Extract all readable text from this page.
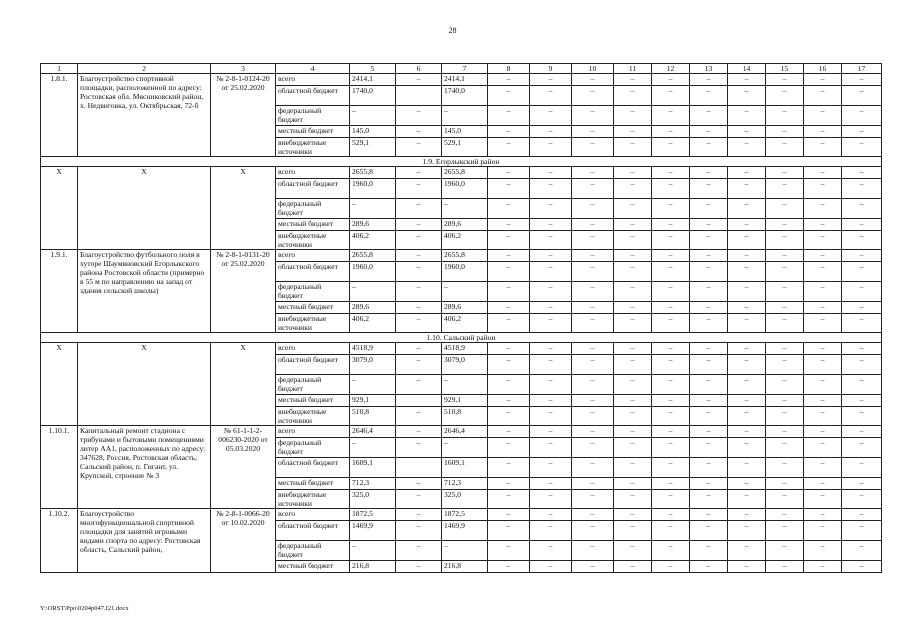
28
1	2	3	4	5	6	7	8	9	10	11	12	13	14	15	16	17
1.8.1.	Благоустройство спортивной площадки, расположенной по адресу: Ростовская обл. Мясниковский район, х. Недвиговка, ул. Октябрьская, 72-б	№ 2-8-1-0124-20 от 25.02.2020	всего	2414,1	–	2414,1	–	–	–	–	–	–	–	–	–	–
			областной бюджет	1740,0		1740,0	–	–	–	–	–	–	–	–	–	–
			федеральный бюджет	–	–	–	–	–	–	–	–	–	–	–	–	–
			местный бюджет	145,0	–	145,0	–	–	–	–	–	–	–	–	–	–
			внебюджетные источники	529,1	–	529,1	–	–	–	–	–	–	–	–	–	–
1.9. Егорлыкский район																
Х	Х	Х	всего	2655,8	–	2655,8	–	–	–	–	–	–	–	–	–	–
			областной бюджет	1960,0	–	1960,0	–	–	–	–	–	–	–	–	–	–
			федеральный бюджет	–	–	–	–	–	–	–	–	–	–	–	–	–
			местный бюджет	289,6	–	289,6	–	–	–	–	–	–	–	–	–	–
			внебюджетные источники	406,2	–	406,2	–	–	–	–	–	–	–	–	–	–
1.9.1.	Благоустройство футбольного поля в хуторе Шаумяновский Егорлыкского района Ростовской области (примерно в 55 м по направлению на запад от здания сельской школы)	№ 2-8-1-0131-20 от 25.02.2020	всего	2655,8	–	2655,8	–	–	–	–	–	–	–	–	–	–
			областной бюджет	1960,0	–	1960,0	–	–	–	–	–	–	–	–	–	–
			федеральный бюджет	–	–	–	–	–	–	–	–	–	–	–	–	–
			местный бюджет	289,6	–	289,6	–	–	–	–	–	–	–	–	–	–
			внебюджетные источники	406,2	–	406,2	–	–	–	–	–	–	–	–	–	–
1.10. Сальский район																
Х	Х	Х	всего	4518,9	–	4518,9	–	–	–	–	–	–	–	–	–	–
			областной бюджет	3079,0	–	3079,0	–	–	–	–	–	–	–	–	–	–
			федеральный бюджет	–	–	–	–	–	–	–	–	–	–	–	–	–
			местный бюджет	929,1		929,1	–	–	–	–	–	–	–	–	–	–
			внебюджетные источники	510,8	–	510,8	–	–	–	–	–	–	–	–	–	–
1.10.1.	Капитальный ремонт стадиона с трибунами и бытовыми помещениями литер АА1, расположенных по адресу: 347628, Россия, Ростовская область, Сальский район, п. Гигант, ул. Крупской, строение № 3	№ 61-1-1-2-006230-2020 от 05.03.2020	всего	2646,4	–	2646,4	–	–	–	–	–	–	–	–	–	–
			федеральный бюджет	–	–	–	–	–	–	–	–	–	–	–	–	–
			областной бюджет	1609,1		1609,1	–	–	–	–	–	–	–	–	–	–
			местный бюджет	712,3	–	712,3	–	–	–	–	–	–	–	–	–	–
			внебюджетные источники	325,0	–	325,0	–	–	–	–	–	–	–	–	–	–
1.10.2.	Благоустройство многофункциональной спортивной площадки для занятий игровыми видами спорта по адресу: Ростовская область, Сальский район,	№ 2-8-1-0066-20 от 10.02.2020	всего	1872,5	–	1872,5	–	–	–	–	–	–	–	–	–	–
			областной бюджет	1469,9	–	1469,9	–	–	–	–	–	–	–	–	–	–
			федеральный бюджет	–	–	–	–	–	–	–	–	–	–	–	–	–
			местный бюджет	216,8	–	216,8	–	–	–	–	–	–	–	–	–	–
Y:\ORST\Ppo\0204p047.f21.docx
